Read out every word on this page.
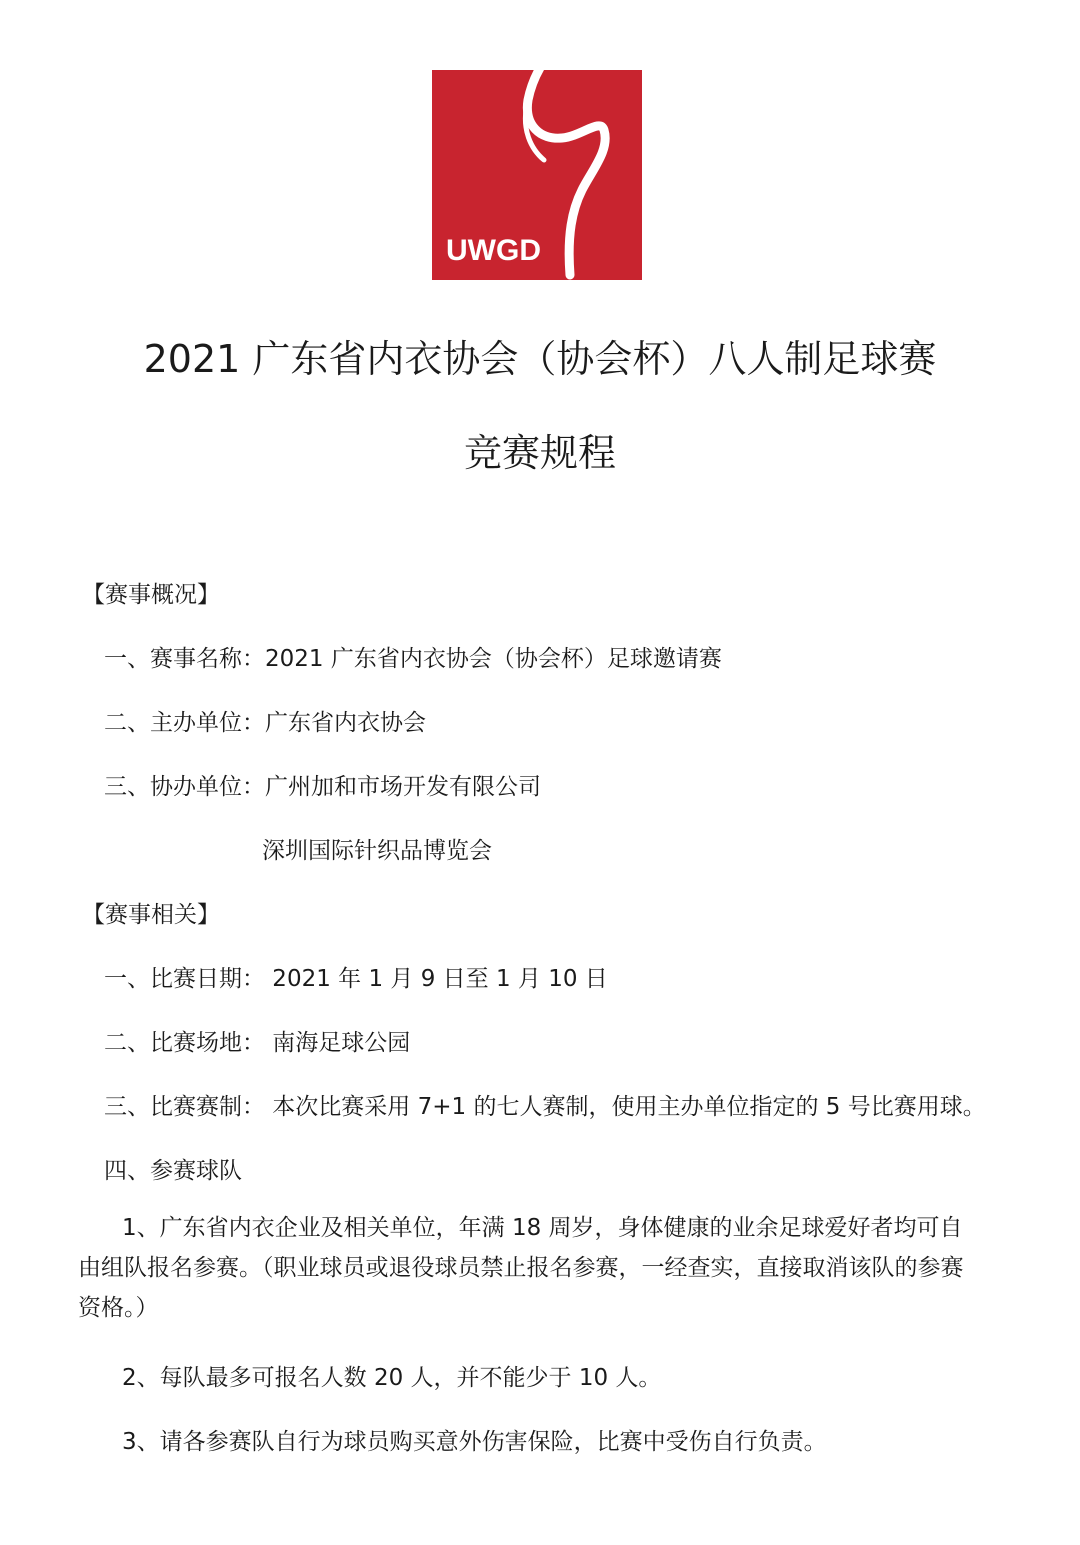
UWGD
2021 广东省内衣协会（协会杯）八人制足球赛
竞赛规程
【赛事概况】
一、赛事名称：2021 广东省内衣协会（协会杯）足球邀请赛
二、主办单位：广东省内衣协会
三、协办单位：广州加和市场开发有限公司
深圳国际针织品博览会
【赛事相关】
一、比赛日期： 2021 年 1 月 9 日至 1 月 10 日
二、比赛场地： 南海足球公园
三、比赛赛制： 本次比赛采用 7+1 的七人赛制，使用主办单位指定的 5 号比赛用球。
四、参赛球队
1、广东省内衣企业及相关单位，年满 18 周岁，身体健康的业余足球爱好者均可自由组队报名参赛。（职业球员或退役球员禁止报名参赛，一经查实，直接取消该队的参赛资格。）
2、每队最多可报名人数 20 人，并不能少于 10 人。
3、请各参赛队自行为球员购买意外伤害保险，比赛中受伤自行负责。
